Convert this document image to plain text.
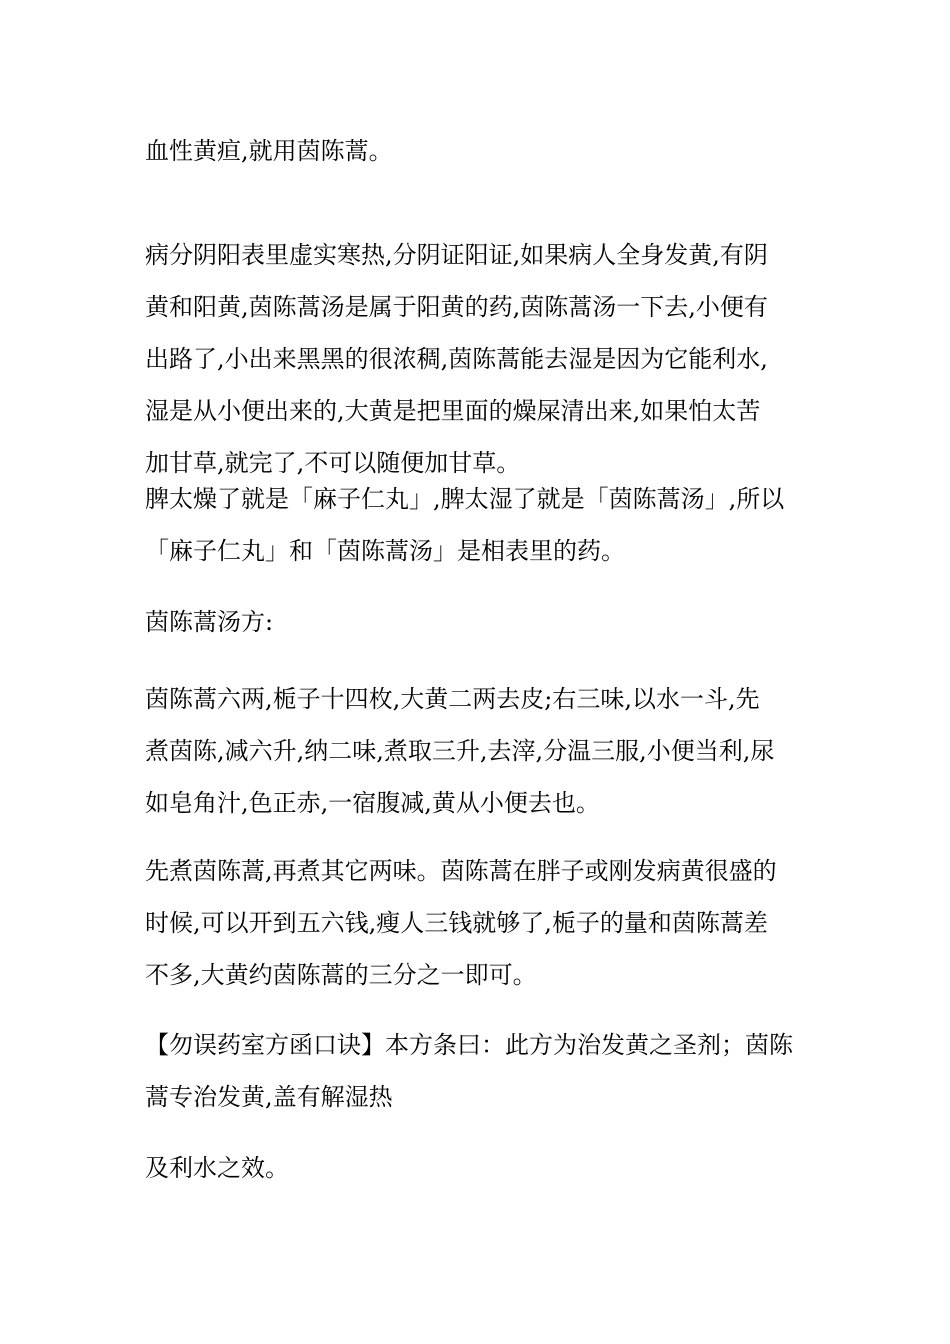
血性黄疸,就用茵陈蒿。

病分阴阳表里虚实寒热,分阴证阳证,如果病人全身发黄,有阴
黄和阳黄,茵陈蒿汤是属于阳黄的药,茵陈蒿汤一下去,小便有
出路了,小出来黑黑的很浓稠,茵陈蒿能去湿是因为它能利水,
湿是从小便出来的,大黄是把里面的燥屎清出来,如果怕太苦
加甘草,就完了,不可以随便加甘草。

脾太燥了就是「麻子仁丸」,脾太湿了就是「茵陈蒿汤」,所以
「麻子仁丸」和「茵陈蒿汤」是相表里的药。

茵陈蒿汤方:

茵陈蒿六两,栀子十四枚,大黄二两去皮;右三味,以水一斗,先
煮茵陈,减六升,纳二味,煮取三升,去滓,分温三服,小便当利,尿
如皂角汁,色正赤,一宿腹减,黄从小便去也。

先煮茵陈蒿,再煮其它两味。茵陈蒿在胖子或刚发病黄很盛的
时候,可以开到五六钱,瘦人三钱就够了,栀子的量和茵陈蒿差
不多,大黄约茵陈蒿的三分之一即可。

【勿误药室方函口诀】本方条曰：此方为治发黄之圣剂；茵陈
蒿专治发黄,盖有解湿热

及利水之效。
